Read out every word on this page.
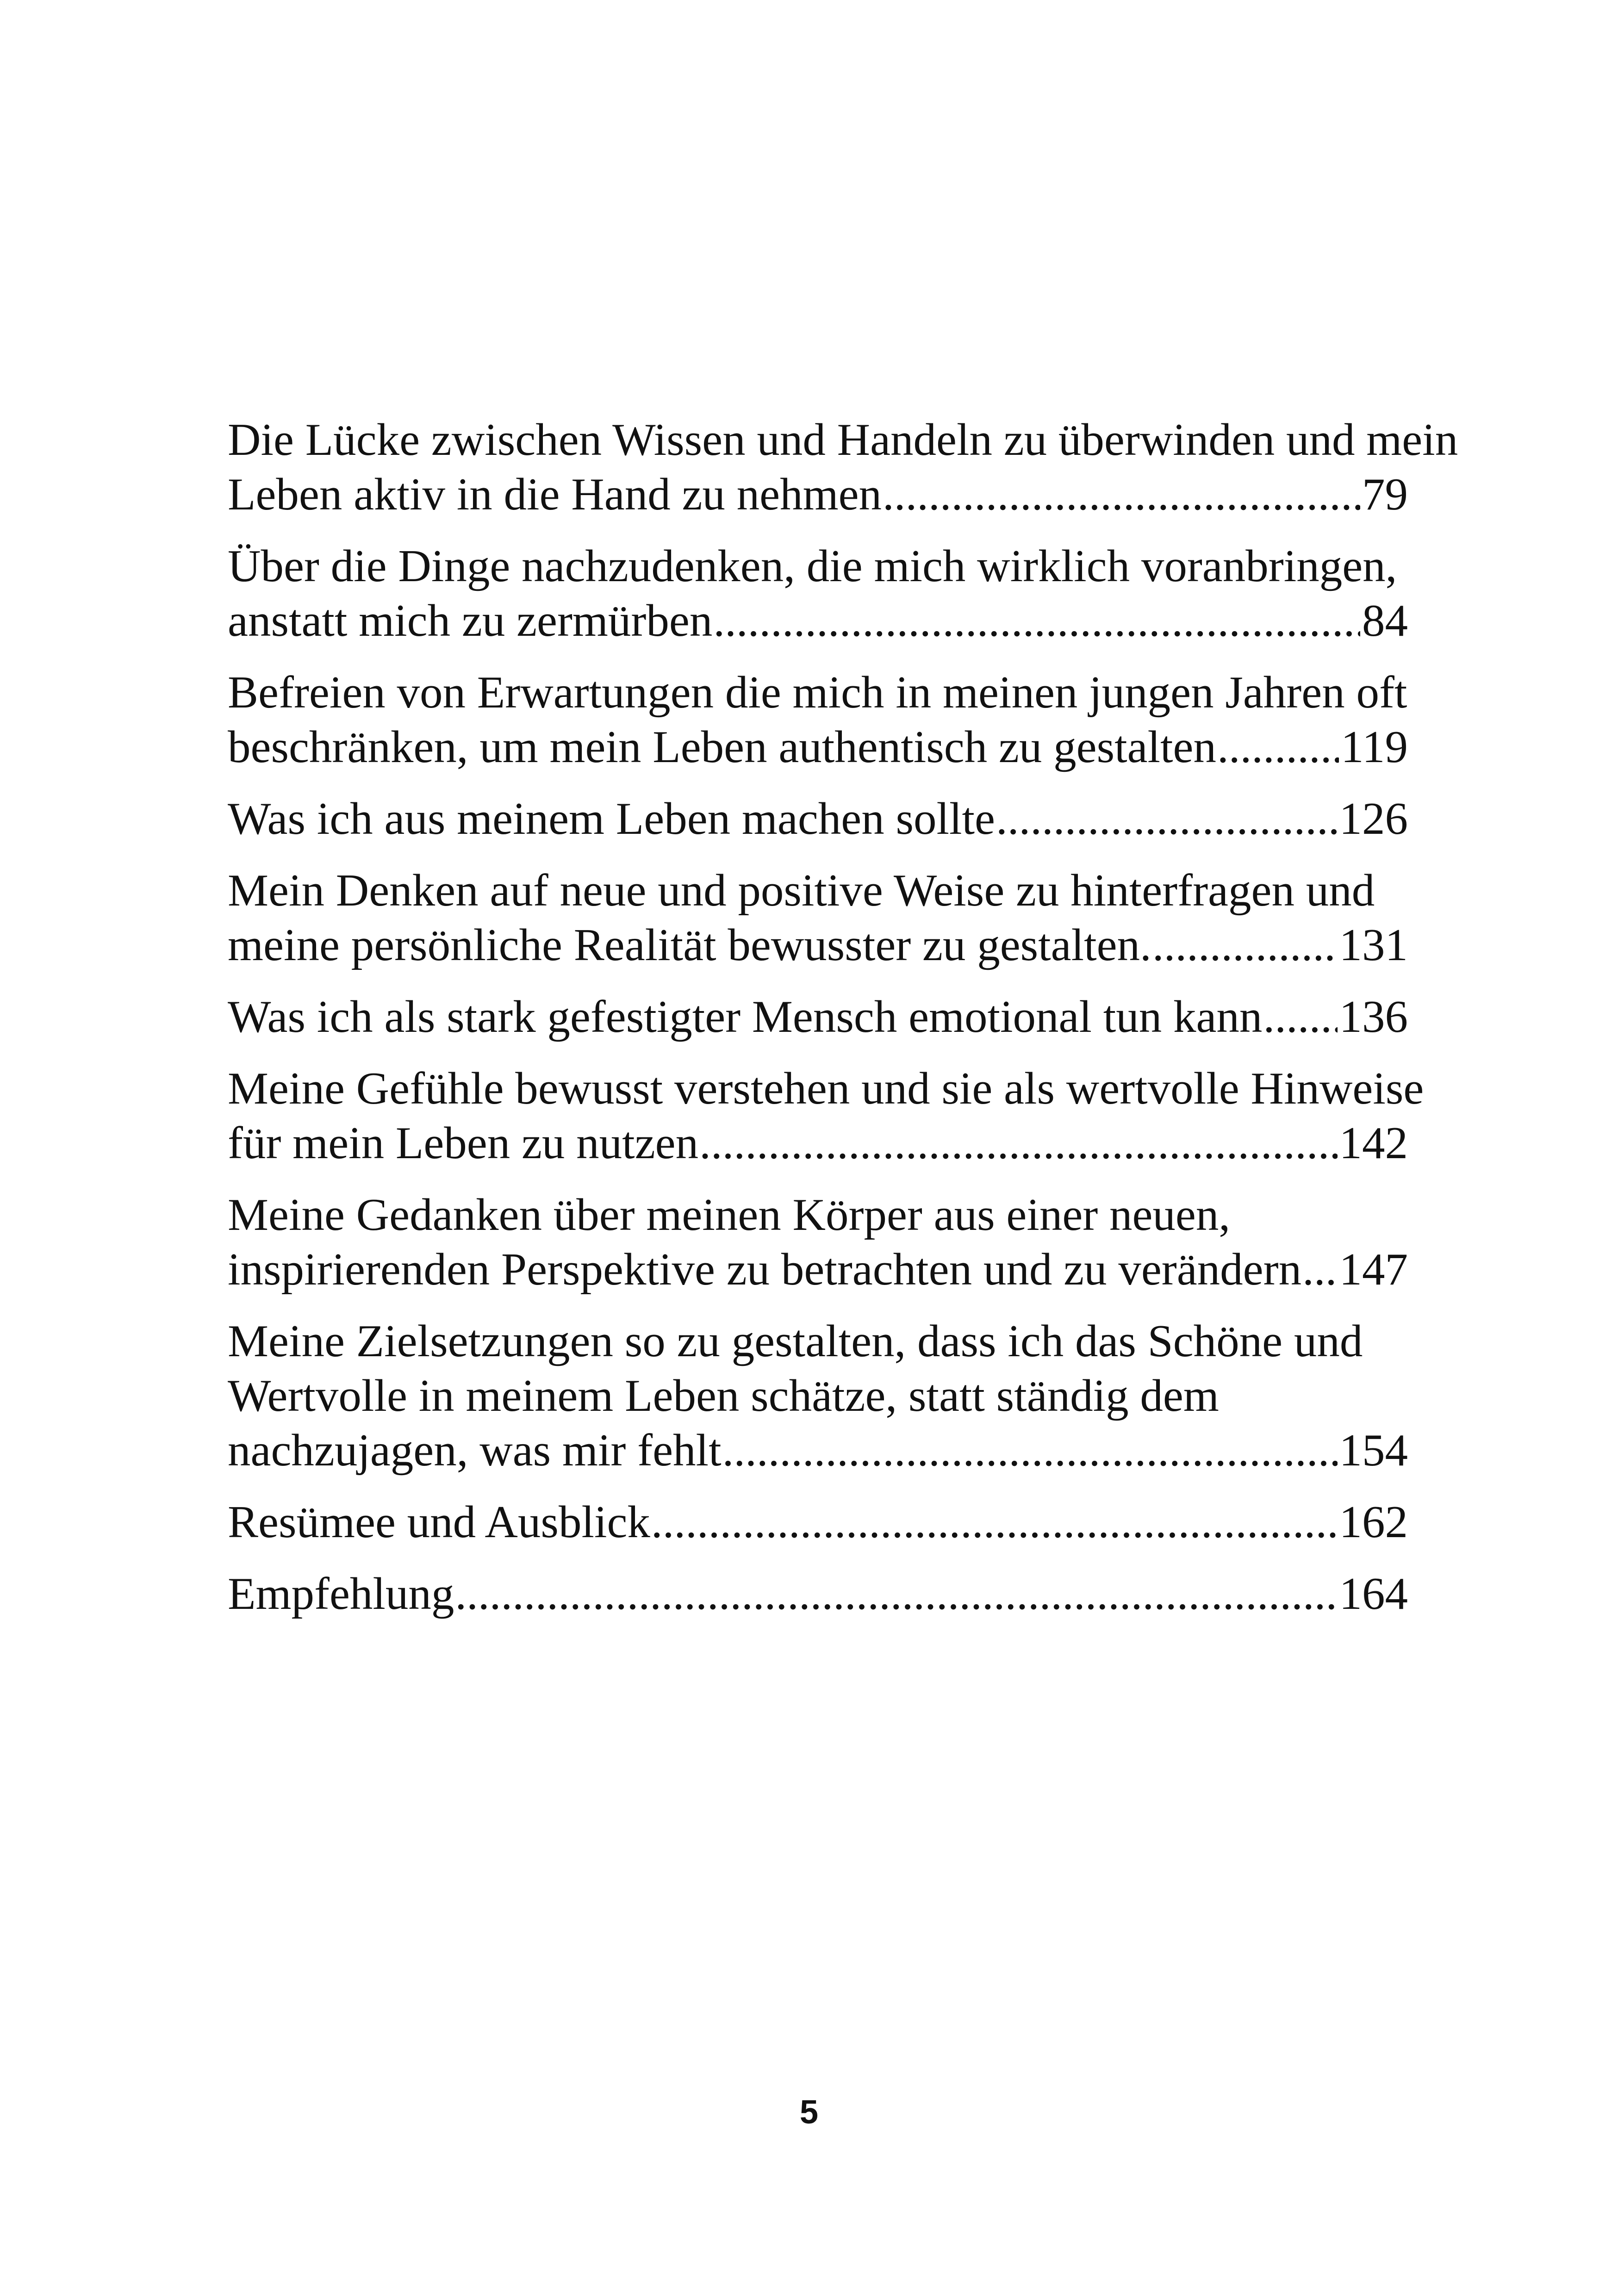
Die Lücke zwischen Wissen und Handeln zu überwinden und mein
Leben aktiv in die Hand zu nehmen .....	79
Über die Dinge nachzudenken, die mich wirklich voranbringen,
anstatt mich zu zermürben .....	84
Befreien von Erwartungen die mich in meinen jungen Jahren oft
beschränken, um mein Leben authentisch zu gestalten .....	119
Was ich aus meinem Leben machen sollte .....	126
Mein Denken auf neue und positive Weise zu hinterfragen und
meine persönliche Realität bewusster zu gestalten. .....	131
Was ich als stark gefestigter Mensch emotional tun kann ..... 136
Meine Gefühle bewusst verstehen und sie als wertvolle Hinweise
für mein Leben zu nutzen .....	142
Meine Gedanken über meinen Körper aus einer neuen,
inspirierenden Perspektive zu betrachten und zu verändern ..... 147
Meine Zielsetzungen so zu gestalten, dass ich das Schöne und
Wertvolle in meinem Leben schätze, statt ständig dem
nachzujagen, was mir fehlt .....	154
Resümee und Ausblick .....	162
Empfehlung .....	164
5
